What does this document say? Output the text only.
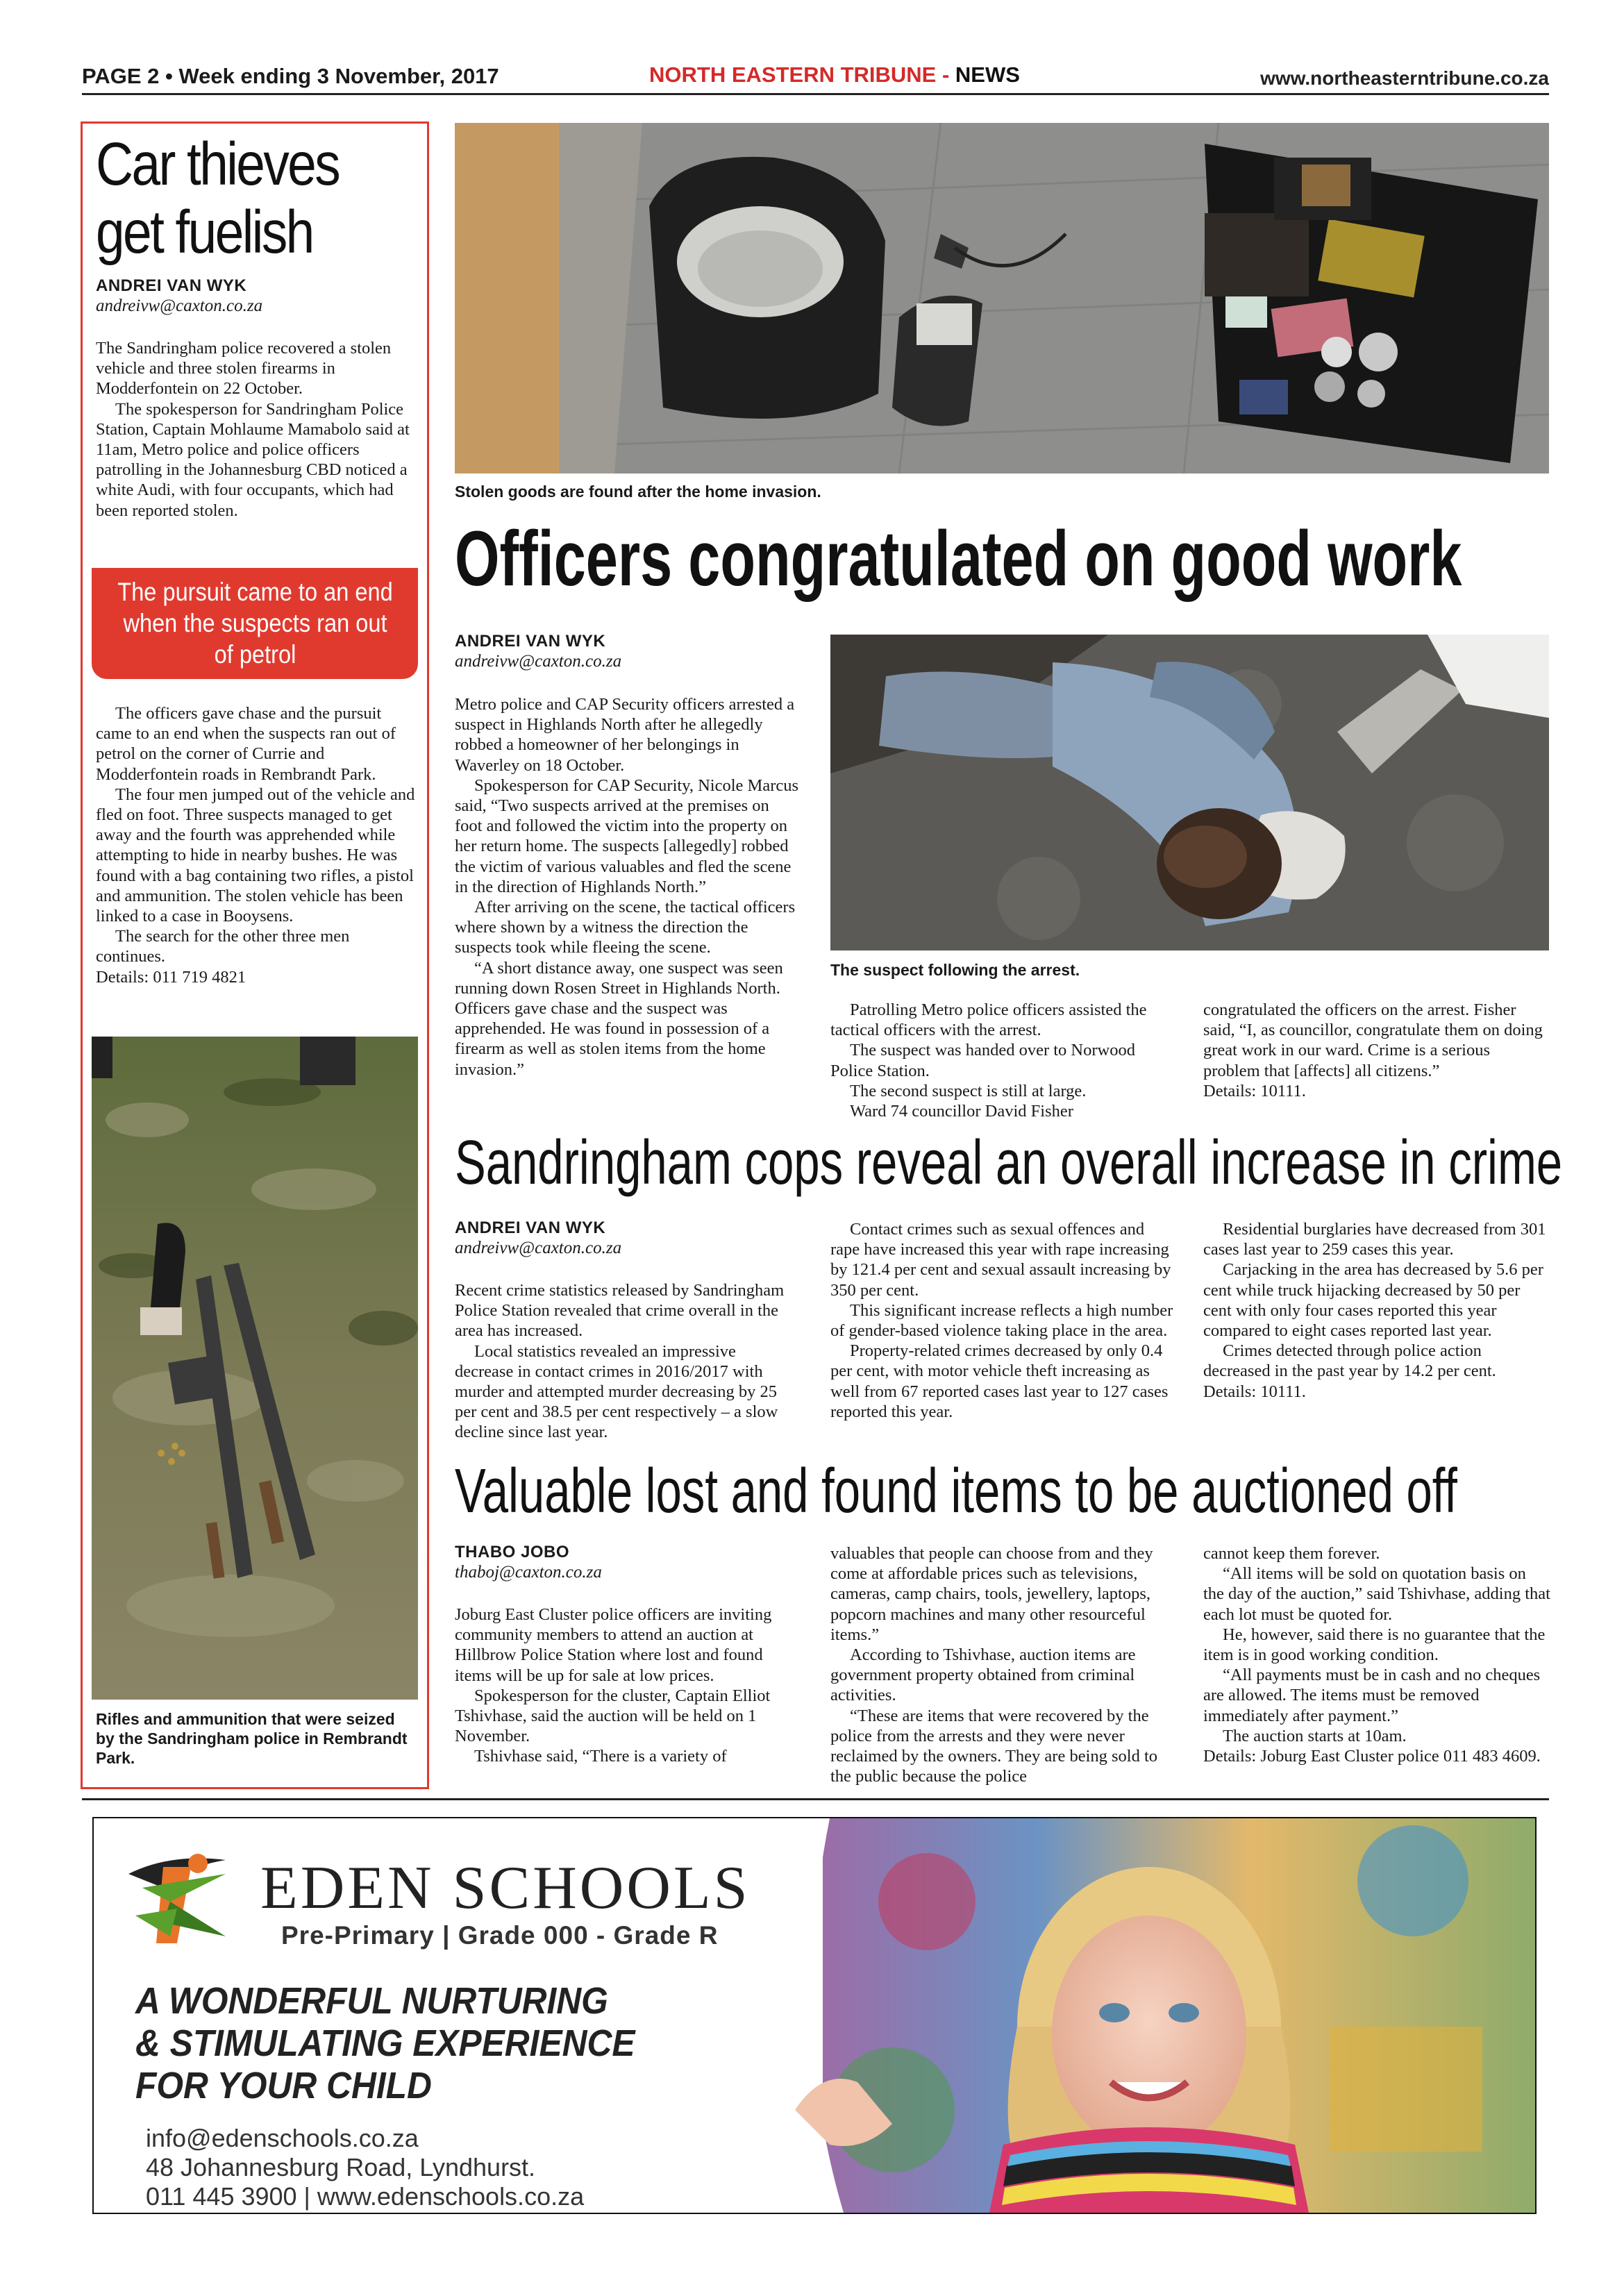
PAGE 2 • Week ending 3 November, 2017	NORTH EASTERN TRIBUNE - NEWS	www.northeasterntribune.co.za
Car thieves get fuelish
ANDREI VAN WYK
andreivw@caxton.co.za

The Sandringham police recovered a stolen vehicle and three stolen firearms in Modderfontein on 22 October.

The spokesperson for Sandringham Police Station, Captain Mohlaume Mamabolo said at 11am, Metro police and police officers patrolling in the Johannesburg CBD noticed a white Audi, with four occupants, which had been reported stolen.

The pursuit came to an end when the suspects ran out of petrol

The officers gave chase and the pursuit came to an end when the suspects ran out of petrol on the corner of Currie and Modderfontein roads in Rembrandt Park.

The four men jumped out of the vehicle and fled on foot. Three suspects managed to get away and the fourth was apprehended while attempting to hide in nearby bushes. He was found with a bag containing two rifles, a pistol and ammunition. The stolen vehicle has been linked to a case in Booysens.

The search for the other three men continues.

Details: 011 719 4821

Rifles and ammunition that were seized by the Sandringham police in Rembrandt Park.
Stolen goods are found after the home invasion.
Officers congratulated on good work
ANDREI VAN WYK
andreivw@caxton.co.za

Metro police and CAP Security officers arrested a suspect in Highlands North after he allegedly robbed a homeowner of her belongings in Waverley on 18 October.

Spokesperson for CAP Security, Nicole Marcus said, “Two suspects arrived at the premises on foot and followed the victim into the property on her return home. The suspects [allegedly] robbed the victim of various valuables and fled the scene in the direction of Highlands North.”

After arriving on the scene, the tactical officers where shown by a witness the direction the suspects took while fleeing the scene.

“A short distance away, one suspect was seen running down Rosen Street in Highlands North. Officers gave chase and the suspect was apprehended. He was found in possession of a firearm as well as stolen items from the home invasion.”

The suspect following the arrest.

Patrolling Metro police officers assisted the tactical officers with the arrest.

The suspect was handed over to Norwood Police Station.

The second suspect is still at large.

Ward 74 councillor David Fisher

congratulated the officers on the arrest. Fisher said, “I, as councillor, congratulate them on doing great work in our ward. Crime is a serious problem that [affects] all citizens.”

Details: 10111.

Sandringham cops reveal an overall increase in crime
ANDREI VAN WYK
andreivw@caxton.co.za

Recent crime statistics released by Sandringham Police Station revealed that crime overall in the area has increased.

Local statistics revealed an impressive decrease in contact crimes in 2016/2017 with murder and attempted murder decreasing by 25 per cent and 38.5 per cent respectively – a slow decline since last year.

Contact crimes such as sexual offences and rape have increased this year with rape increasing by 121.4 per cent and sexual assault increasing by 350 per cent.

This significant increase reflects a high number of gender-based violence taking place in the area.

Property-related crimes decreased by only 0.4 per cent, with motor vehicle theft increasing as well from 67 reported cases last year to 127 cases reported this year.

Residential burglaries have decreased from 301 cases last year to 259 cases this year.

Carjacking in the area has decreased by 5.6 per cent while truck hijacking decreased by 50 per cent with only four cases reported this year compared to eight cases reported last year.

Crimes detected through police action decreased in the past year by 14.2 per cent.

Details: 10111.

Valuable lost and found items to be auctioned off
THABO JOBO
thaboj@caxton.co.za

Joburg East Cluster police officers are inviting community members to attend an auction at Hillbrow Police Station where lost and found items will be up for sale at low prices.

Spokesperson for the cluster, Captain Elliot Tshivhase, said the auction will be held on 1 November.

Tshivhase said, “There is a variety of

valuables that people can choose from and they come at affordable prices such as televisions, cameras, camp chairs, tools, jewellery, laptops, popcorn machines and many other resourceful items.”

According to Tshivhase, auction items are government property obtained from criminal activities.

“These are items that were recovered by the police from the arrests and they were never reclaimed by the owners. They are being sold to the public because the police

cannot keep them forever.

“All items will be sold on quotation basis on the day of the auction,” said Tshivhase, adding that each lot must be quoted for.

He, however, said there is no guarantee that the item is in good working condition.

“All payments must be in cash and no cheques are allowed. The items must be removed immediately after payment.”

The auction starts at 10am.

Details: Joburg East Cluster police 011 483 4609.

EDEN SCHOOLS
Pre-Primary | Grade 000 - Grade R
A WONDERFUL NURTURING
& STIMULATING EXPERIENCE
FOR YOUR CHILD
info@edenschools.co.za
48 Johannesburg Road, Lyndhurst.
011 445 3900 | www.edenschools.co.za
